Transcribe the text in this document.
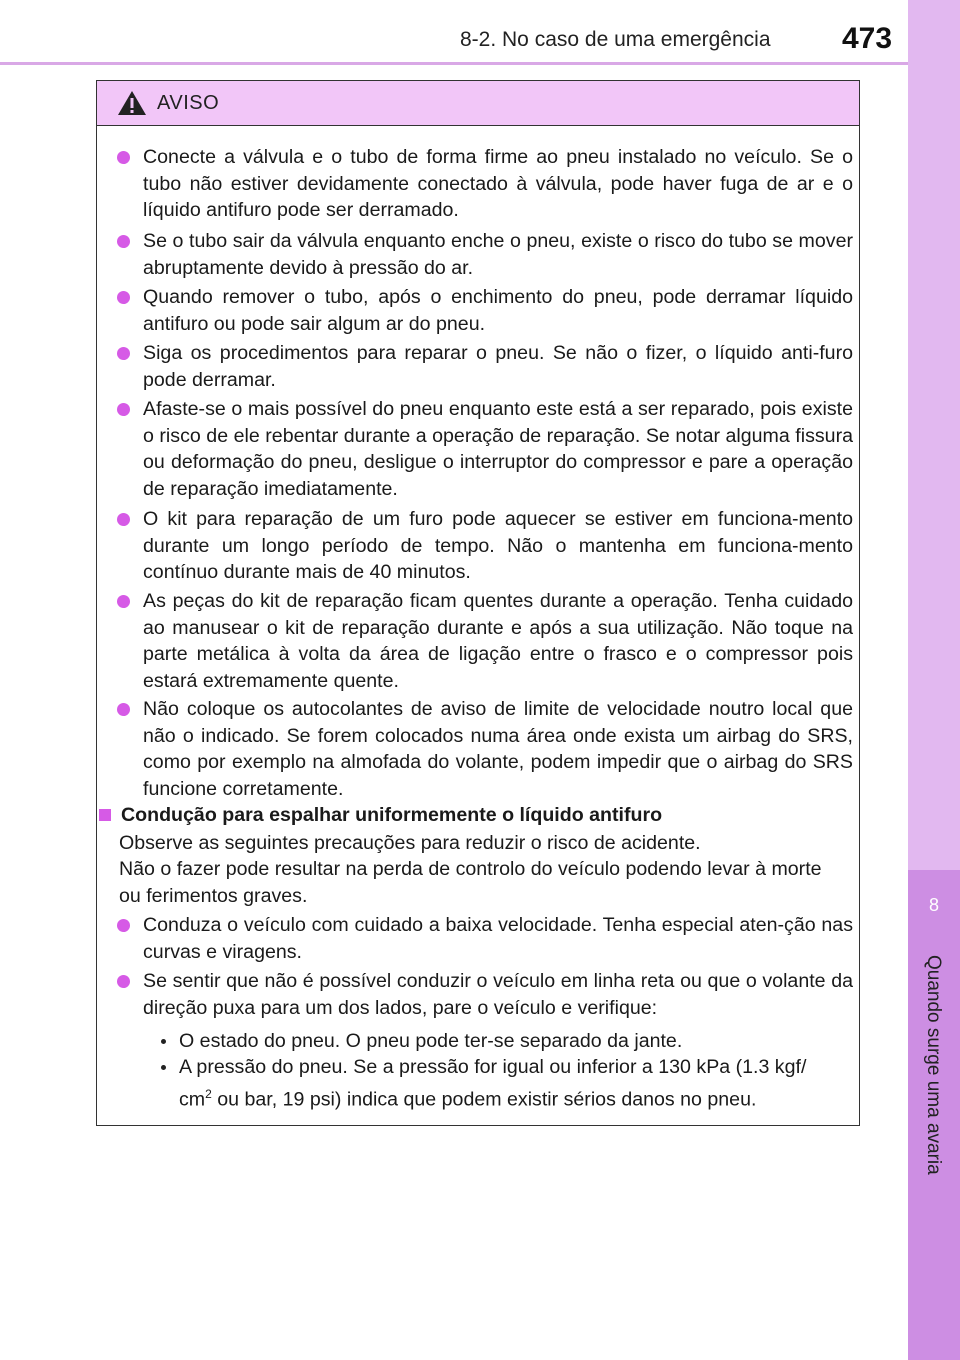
8-2. No caso de uma emergência 473
8
Quando surge uma avaria
AVISO
Conecte a válvula e o tubo de forma firme ao pneu instalado no veículo. Se o tubo não estiver devidamente conectado à válvula, pode haver fuga de ar e o líquido antifuro pode ser derramado.
Se o tubo sair da válvula enquanto enche o pneu, existe o risco do tubo se mover abruptamente devido à pressão do ar.
Quando remover o tubo, após o enchimento do pneu, pode derramar líquido antifuro ou pode sair algum ar do pneu.
Siga os procedimentos para reparar o pneu. Se não o fizer, o líquido anti-furo pode derramar.
Afaste-se o mais possível do pneu enquanto este está a ser reparado, pois existe o risco de ele rebentar durante a operação de reparação. Se notar alguma fissura ou deformação do pneu, desligue o interruptor do compressor e pare a operação de reparação imediatamente.
O kit para reparação de um furo pode aquecer se estiver em funciona-mento durante um longo período de tempo. Não o mantenha em funciona-mento contínuo durante mais de 40 minutos.
As peças do kit de reparação ficam quentes durante a operação. Tenha cuidado ao manusear o kit de reparação durante e após a sua utilização. Não toque na parte metálica à volta da área de ligação entre o frasco e o compressor pois estará extremamente quente.
Não coloque os autocolantes de aviso de limite de velocidade noutro local que não o indicado. Se forem colocados numa área onde exista um airbag do SRS, como por exemplo na almofada do volante, podem impedir que o airbag do SRS funcione corretamente.
Condução para espalhar uniformemente o líquido antifuro
Observe as seguintes precauções para reduzir o risco de acidente.
Não o fazer pode resultar na perda de controlo do veículo podendo levar à morte ou ferimentos graves.
Conduza o veículo com cuidado a baixa velocidade. Tenha especial aten-ção nas curvas e viragens.
Se sentir que não é possível conduzir o veículo em linha reta ou que o volante da direção puxa para um dos lados, pare o veículo e verifique:
O estado do pneu. O pneu pode ter-se separado da jante.
A pressão do pneu. Se a pressão for igual ou inferior a 130 kPa (1.3 kgf/ $cm^2$ ou bar, 19 psi) indica que podem existir sérios danos no pneu.
